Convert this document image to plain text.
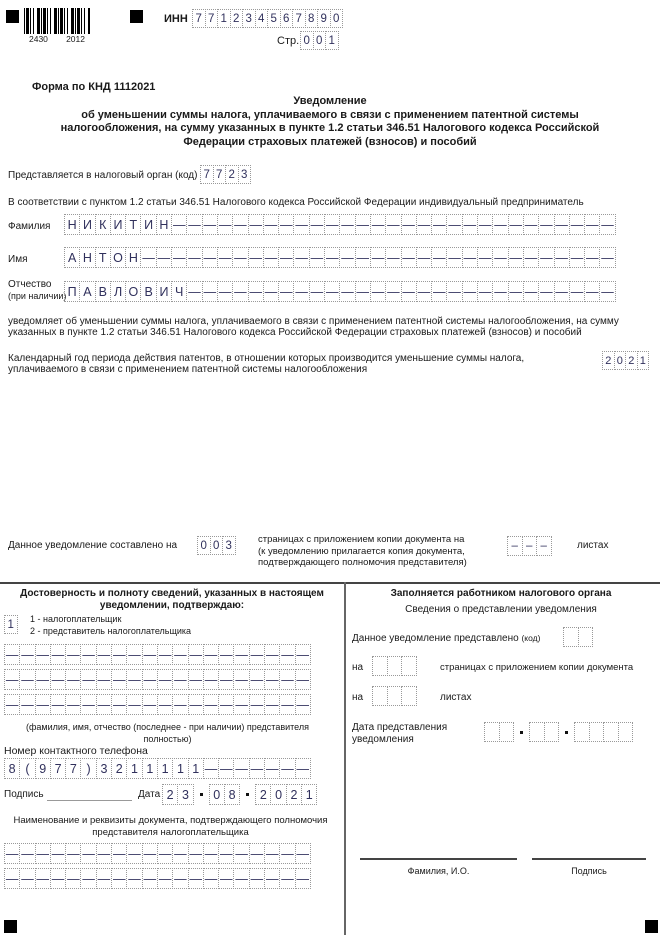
2430 2012
ИНН 7 7 1 2 3 4 5 6 7 8 9 0
Стр. 0 0 1
Форма по КНД 1112021
Уведомление
об уменьшении суммы налога, уплачиваемого в связи с применением патентной системы налогообложения, на сумму указанных в пункте 1.2 статьи 346.51 Налогового кодекса Российской Федерации страховых платежей (взносов) и пособий
Представляется в налоговый орган (код) 7 7 2 3
В соответствии с пунктом 1.2 статьи 346.51 Налогового кодекса Российской Федерации индивидуальный предприниматель
Фамилия Н И К И Т И Н — — — — — — — — — — — — — — — — — — — — — — — — — — — — —
Имя	А Н Т О Н — — — — — — — — — — — — — — — — — — — — — — — — — — — — — — —
Отчество
(при наличии) П А В Л О В И Ч — — — — — — — — — — — — — — — — — — — — — — — — — — — —
уведомляет об уменьшении суммы налога, уплачиваемого в связи с применением патентной системы налогообложения, на сумму указанных в пункте 1.2 статьи 346.51 Налогового кодекса Российской Федерации страховых платежей (взносов) и пособий
Календарный год периода действия патентов, в отношении которых производится уменьшение суммы налога, уплачиваемого в связи с применением патентной системы налогообложения
2 0 2 1
Данное уведомление составлено на	0 0 3	страницах с приложением копии документа на
(к уведомлению прилагается копия документа,
подтверждающего полномочия представителя)
– – –	листах
Достоверность и полноту сведений, указанных в настоящем уведомлении, подтверждаю:
1	1 - налогоплательщик
2 - представитель налогоплательщика
— — — — — — — — — — — — — — — — — — — —
— — — — — — — — — — — — — — — — — — — —
— — — — — — — — — — — — — — — — — — — —
(фамилия, имя, отчество (последнее - при наличии) представителя полностью)
Номер контактного телефона
8 ( 9 7 7 ) 3 2 1 1 1 1 1 — — — — — — —
Подпись	Дата 2 3	0 8	2 0 2 1
Наименование и реквизиты документа, подтверждающего полномочия представителя налогоплательщика
— — — — — — — — — — — — — — — — — — — —
— — — — — — — — — — — — — — — — — — — —
Заполняется работником налогового органа
Сведения о представлении уведомления
Данное уведомление представлено (код)
на	страницах с приложением копии документа
на	листах
Дата представления уведомления
Фамилия, И.О.	Подпись
